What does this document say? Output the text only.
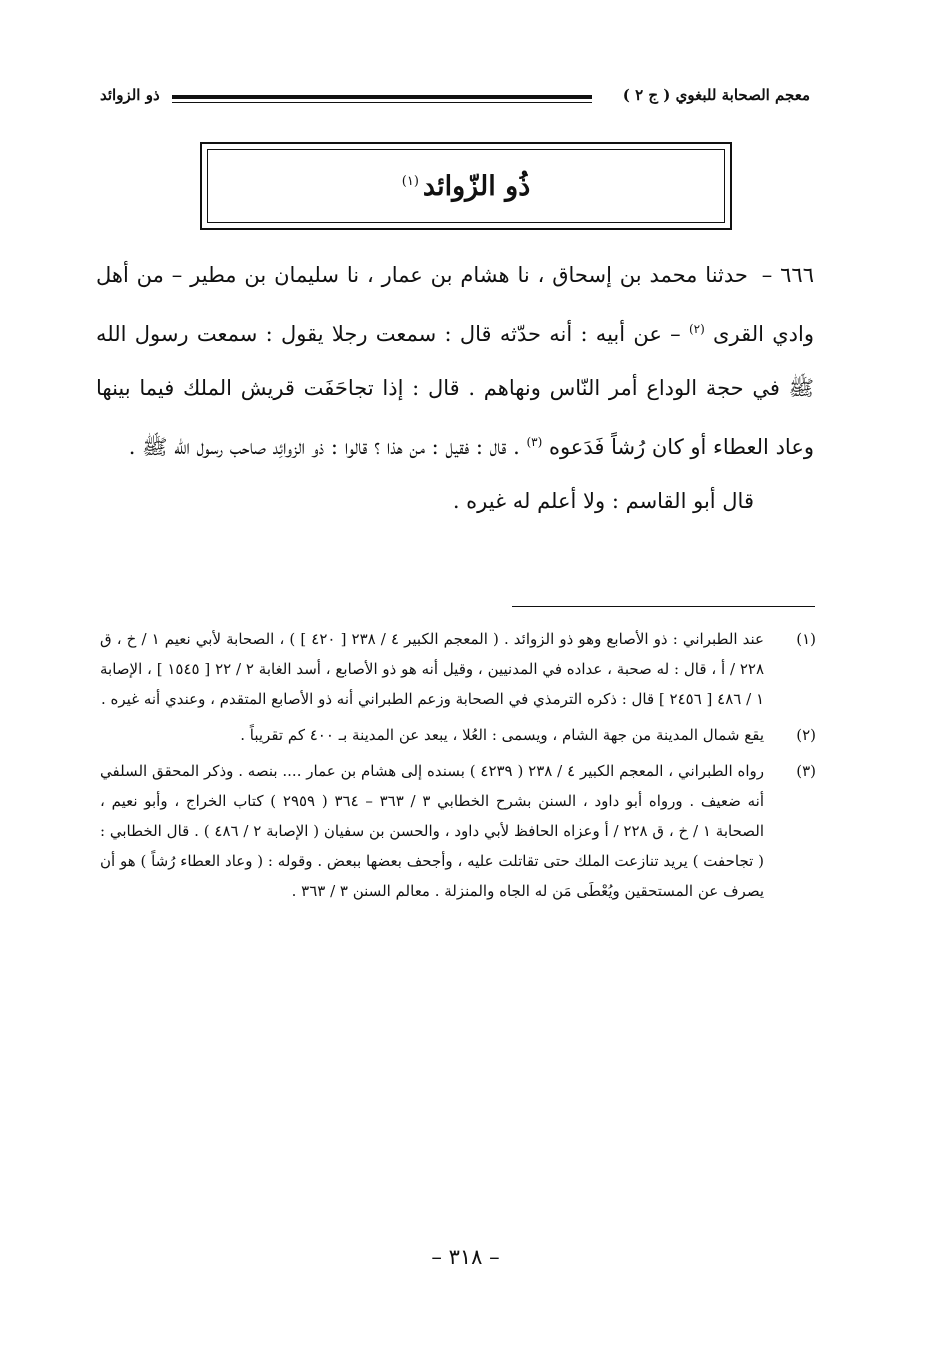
معجم الصحابة للبغوي ( ج ٢ )
ذو الزوائد
ذُو الزّوائد$^{(١)}$

٦٦٦ – حدثنا محمد بن إسحاق ، نا هشام بن عمار ، نا سليمان بن مطير – من أهل وادي القرى $^{(٢)}$ – عن أبيه : أنه حدّثه قال : سمعت رجلا يقول : سمعت رسول الله ﷺ في حجة الوداع أمر النّاس ونهاهم . قال : إذا تجاحَفَت قريش الملك فيما بينها وعاد العطاء أو كان رُشاً فَدَعوه $^{(٣)}$ . قال : فقيل : من هذا ؟ قالوا : ذو الزوائِد صاحب رسول الله ﷺ .

قال أبو القاسم : ولا أعلم له غيره .

(١)
عند الطبراني : ذو الأصابع وهو ذو الزوائد . ( المعجم الكبير ٤ / ٢٣٨ [ ٤٢٠ ] ) ، الصحابة لأبي نعيم ١ / خ ، ق ٢٢٨ / أ ، قال : له صحبة ، عداده في المدنيين ، وقيل أنه هو ذو الأصابع ، أسد الغابة ٢ / ٢٢ [ ١٥٤٥ ] ، الإصابة ١ / ٤٨٦ [ ٢٤٥٦ ] قال : ذكره الترمذي في الصحابة وزعم الطبراني أنه ذو الأصابع المتقدم ، وعندي أنه غيره .
(٢)
يقع شمال المدينة من جهة الشام ، ويسمى : العُلا ، يبعد عن المدينة بـ ٤٠٠ كم تقريباً .
(٣)
رواه الطبراني ، المعجم الكبير ٤ / ٢٣٨ ( ٤٢٣٩ ) بسنده إلى هشام بن عمار .... بنصه . وذكر المحقق السلفي أنه ضعيف . ورواه أبو داود ، السنن بشرح الخطابي ٣ / ٣٦٣ – ٣٦٤ ( ٢٩٥٩ ) كتاب الخراج ، وأبو نعيم ، الصحابة ١ / خ ، ق ٢٢٨ / أ وعزاه الحافظ لأبي داود ، والحسن بن سفيان ( الإصابة ٢ / ٤٨٦ ) . قال الخطابي : ( تجاحفت ) يريد تنازعت الملك حتى تقاتلت عليه ، وأجحف بعضها ببعض . وقوله : ( وعاد العطاء رُشاً ) هو أن يصرف عن المستحقين ويُعْطَى مَن له الجاه والمنزلة . معالم السنن ٣ / ٣٦٣ .
– ٣١٨ –
